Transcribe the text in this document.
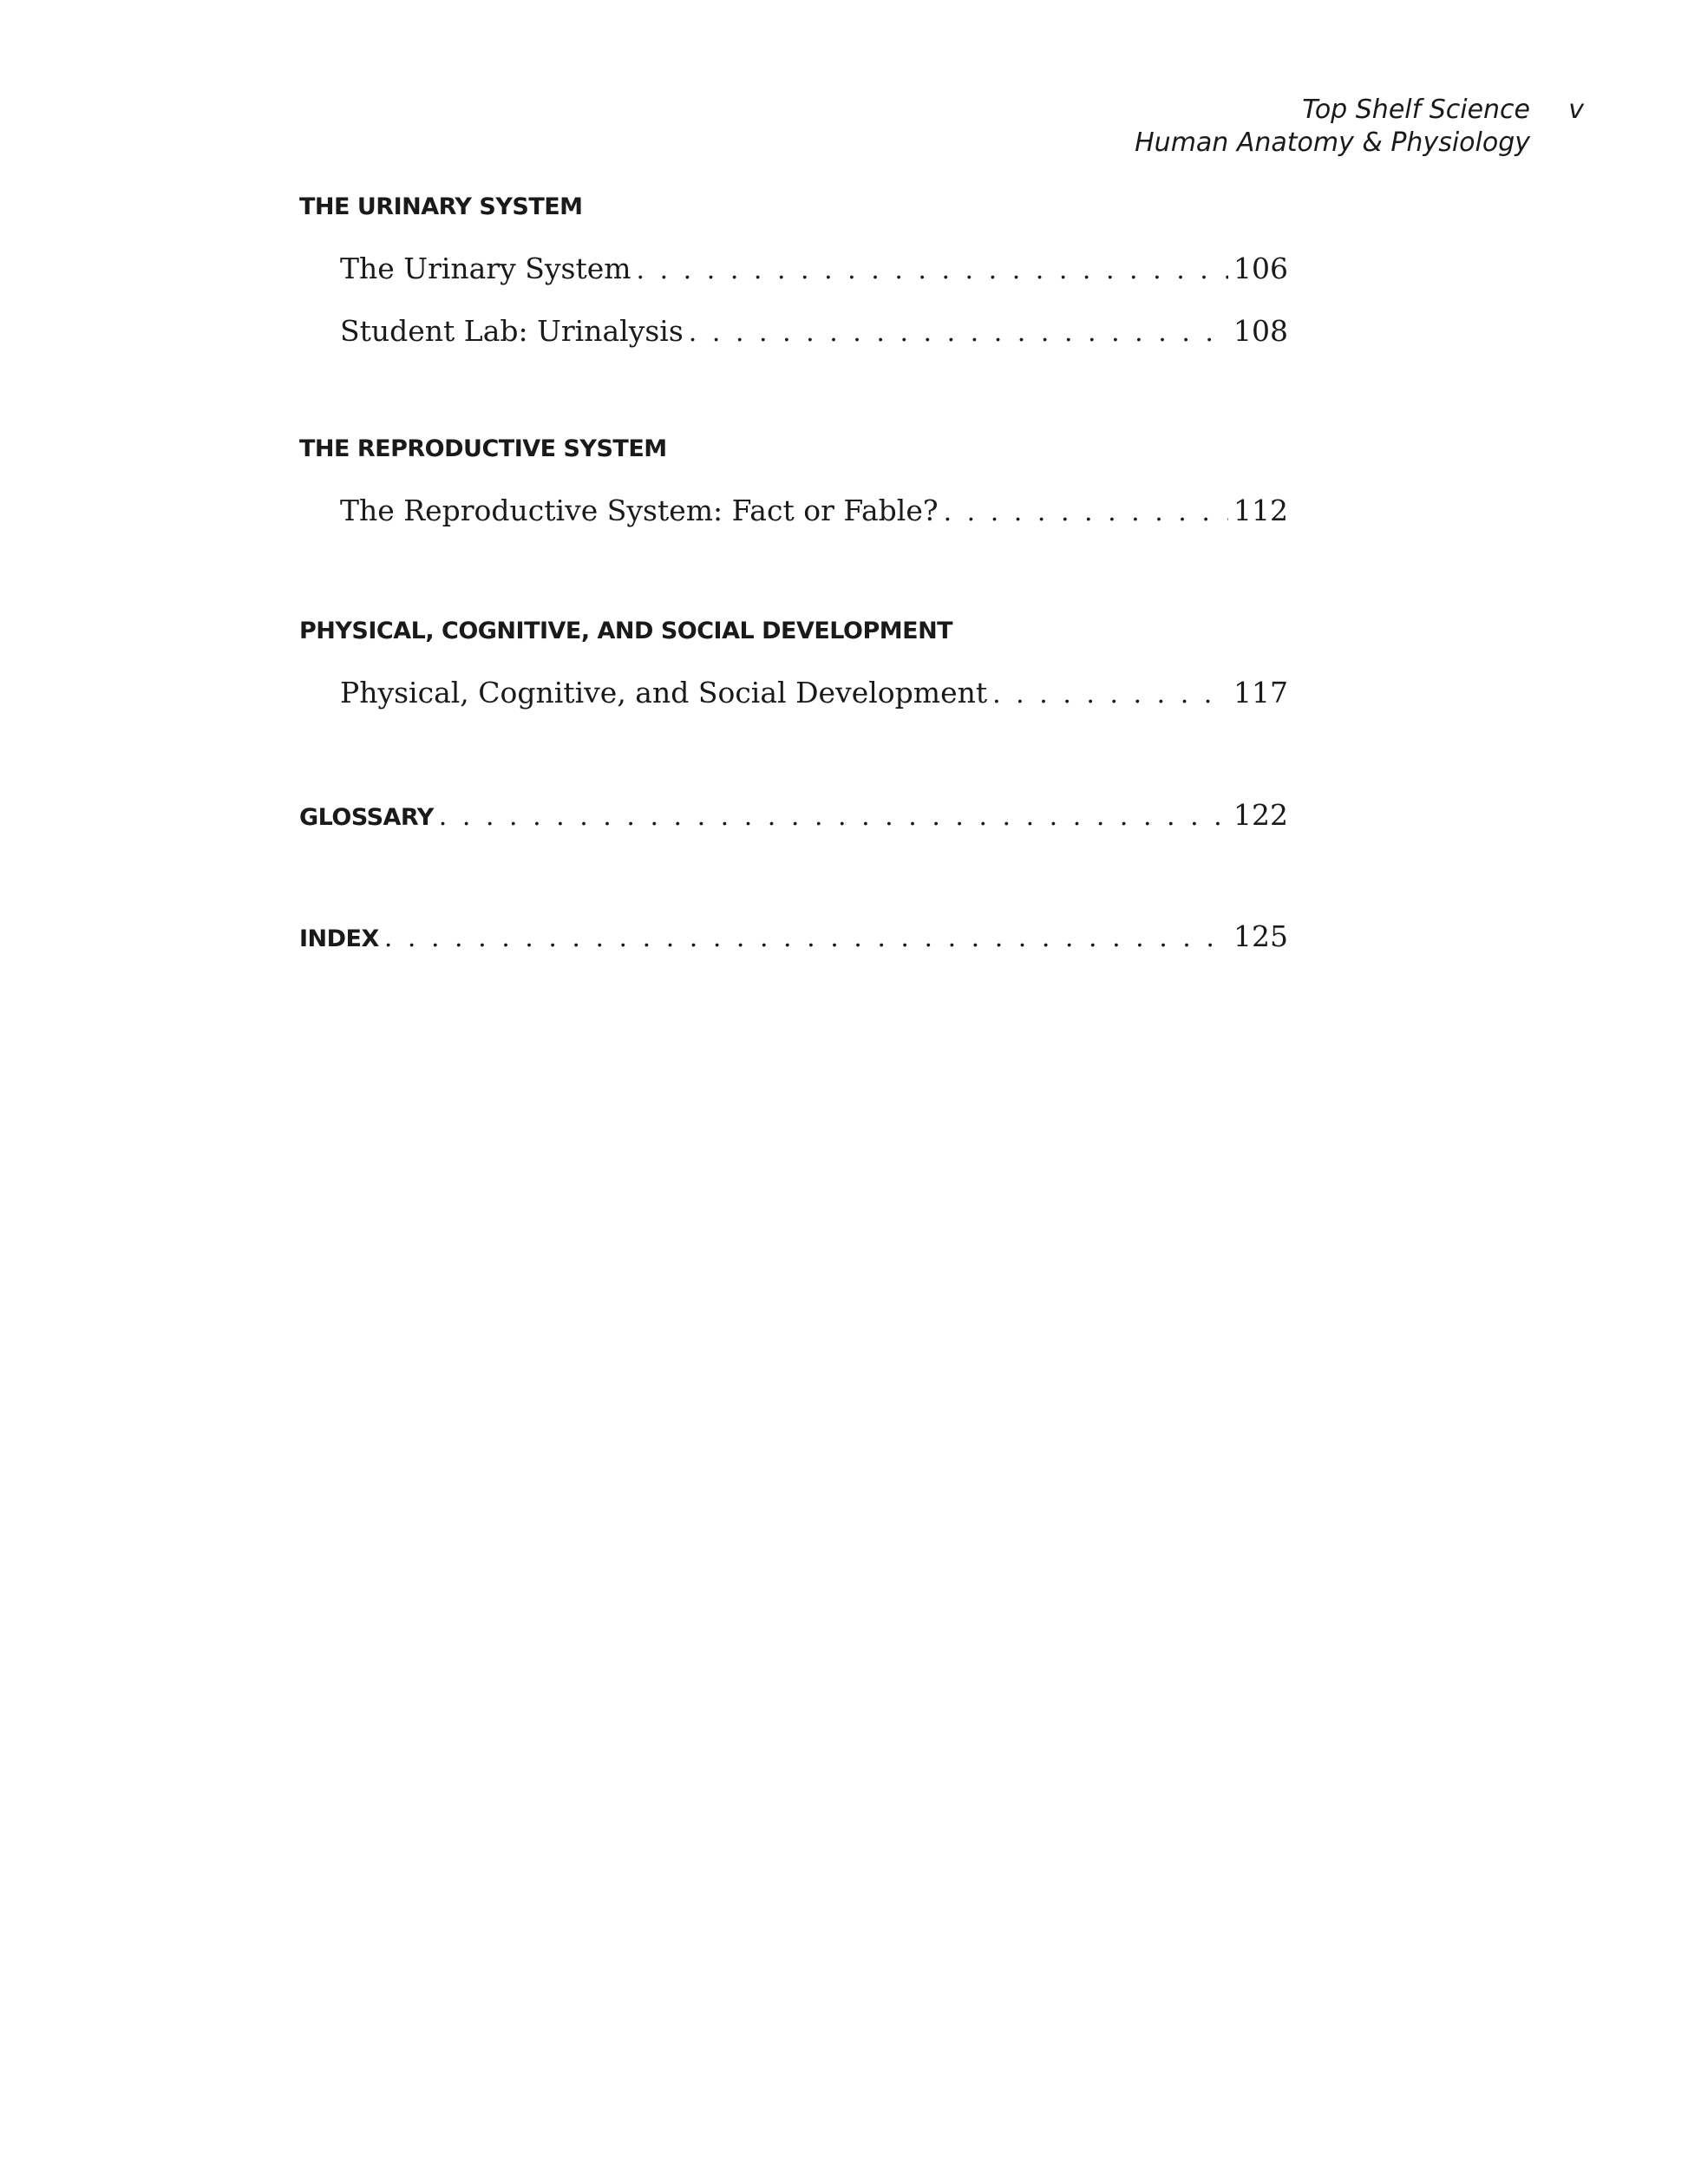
Top Shelf Science v
Human Anatomy & Physiology
THE URINARY SYSTEM
The Urinary System . . .	106
Student Lab: Urinalysis . . .	108
THE REPRODUCTIVE SYSTEM
The Reproductive System: Fact or Fable? . . .	112
PHYSICAL, COGNITIVE, AND SOCIAL DEVELOPMENT
Physical, Cognitive, and Social Development . . .	117
GLOSSARY . . .	122
INDEX . . .	125
